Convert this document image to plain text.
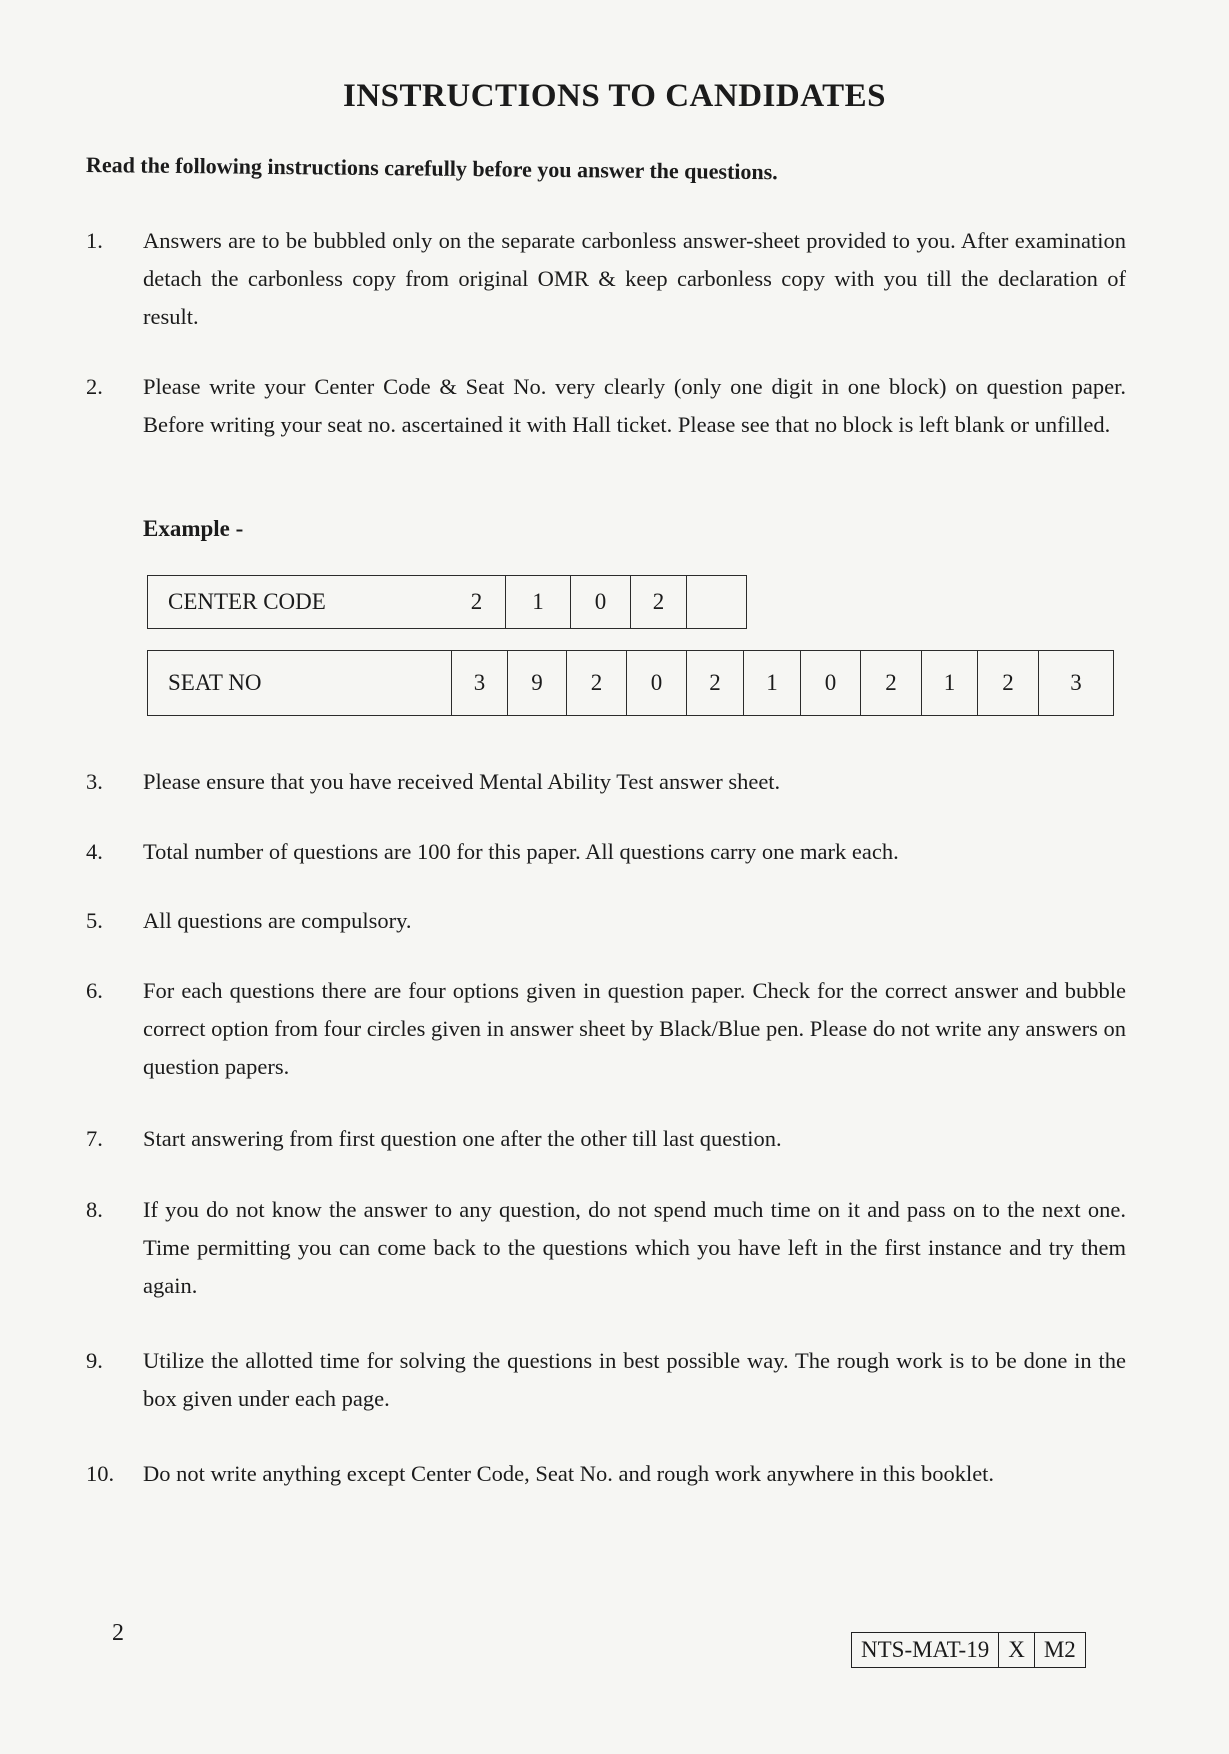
INSTRUCTIONS TO CANDIDATES
Read the following instructions carefully before you answer the questions.
1.	Answers are to be bubbled only on the separate carbonless answer-sheet provided to you. After examination detach the carbonless copy from original OMR & keep carbonless copy with you till the declaration of result.
2.	Please write your Center Code & Seat No. very clearly (only one digit in one block) on question paper. Before writing your seat no. ascertained it with Hall ticket. Please see that no block is left blank or unfilled.
Example -
CENTER CODE	2	1	0	2
SEAT NO	3	9	2	0	2	1	0	2	1	2	3
3.	Please ensure that you have received Mental Ability Test answer sheet.
4.	Total number of questions are 100 for this paper. All questions carry one mark each.
5.	All questions are compulsory.
6.	For each questions there are four options given in question paper. Check for the correct answer and bubble correct option from four circles given in answer sheet by Black/Blue pen. Please do not write any answers on question papers.
7.	Start answering from first question one after the other till last question.
8.	If you do not know the answer to any question, do not spend much time on it and pass on to the next one. Time permitting you can come back to the questions which you have left in the first instance and try them again.
9.	Utilize the allotted time for solving the questions in best possible way. The rough work is to be done in the box given under each page.
10.	Do not write anything except Center Code, Seat No. and rough work anywhere in this booklet.
2
NTS-MAT-19 X M2
